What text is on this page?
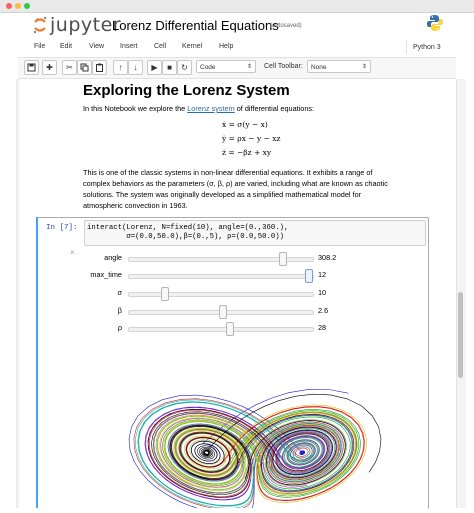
jupyter
Lorenz Differential Equations
(autosaved)
File Edit View Insert Cell Kernel Help	Python 3
✚	✂	↑	↓	▶	■	↻	Code	⇕ Cell Toolbar:	None	⇕
Exploring the Lorenz System
In this Notebook we explore the Lorenz system of differential equations:
ẋ = σ(y − x)
ẏ = ρx − y − xz
ż = −βz + xy
This is one of the classic systems in non-linear differential equations. It exhibits a range of
complex behaviors as the parameters (σ, β, ρ) are varied, including what are known as chaotic
solutions. The system was originally developed as a simplified mathematical model for
atmospheric convection in 1963.
In [7]: interact(Lorenz, N=fixed(10), angle=(0.,360.),
σ=(0.0,50.0),β=(0.,5), ρ=(0.0,50.0))
×
angle	308.2
max_time	12
σ	10
β	2.6
ρ	28
